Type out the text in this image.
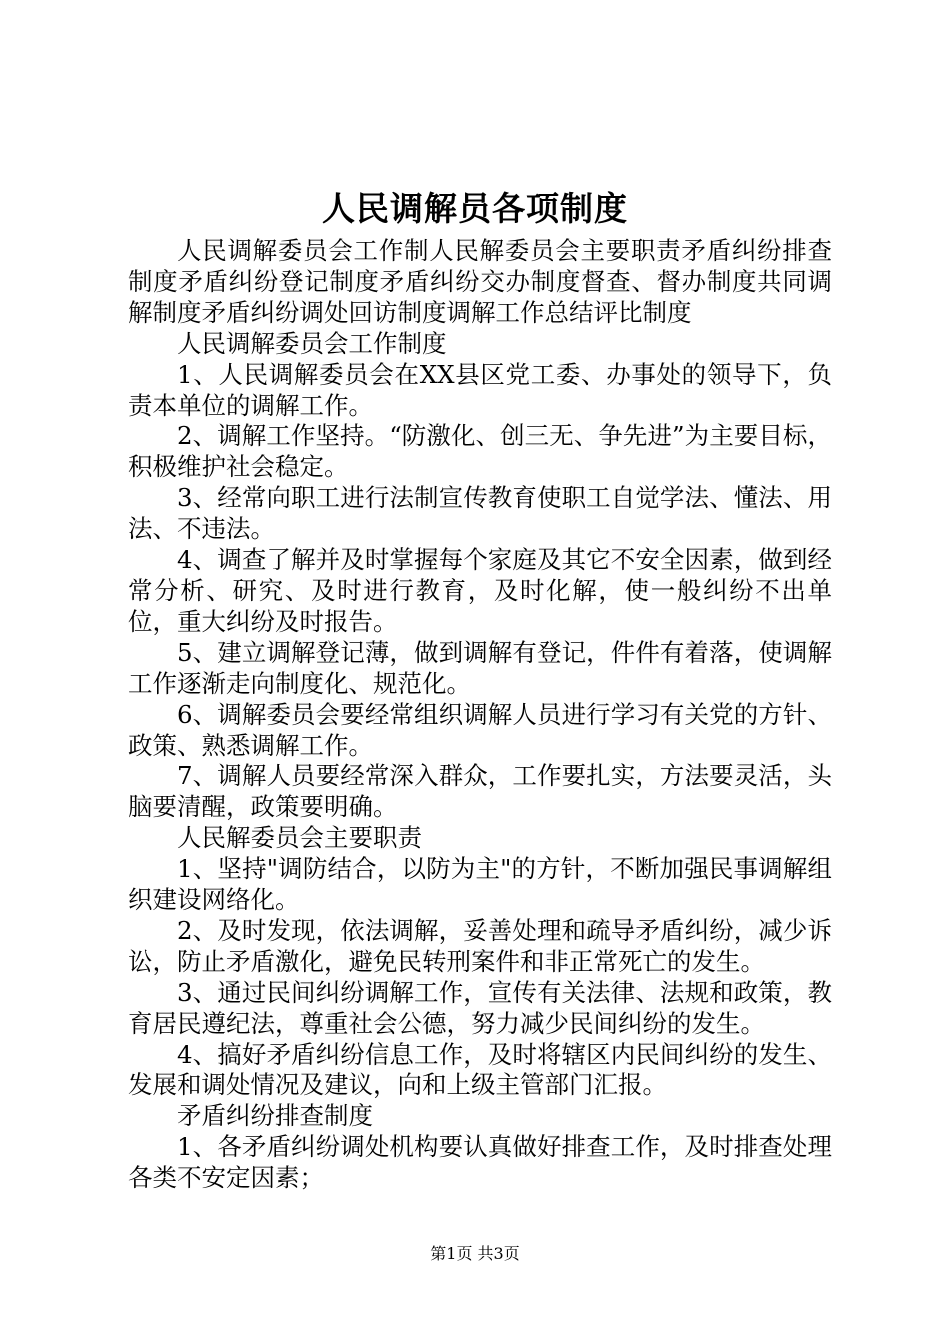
人民调解员各项制度

人民调解委员会工作制人民解委员会主要职责矛盾纠纷排查制度矛盾纠纷登记制度矛盾纠纷交办制度督查、督办制度共同调解制度矛盾纠纷调处回访制度调解工作总结评比制度

人民调解委员会工作制度

1、人民调解委员会在XX县区党工委、办事处的领导下，负责本单位的调解工作。

2、调解工作坚持。“防激化、创三无、争先进”为主要目标，积极维护社会稳定。

3、经常向职工进行法制宣传教育使职工自觉学法、懂法、用法、不违法。

4、调查了解并及时掌握每个家庭及其它不安全因素，做到经常分析、研究、及时进行教育，及时化解，使一般纠纷不出单位，重大纠纷及时报告。

5、建立调解登记薄，做到调解有登记，件件有着落，使调解工作逐渐走向制度化、规范化。

6、调解委员会要经常组织调解人员进行学习有关党的方针、政策、熟悉调解工作。

7、调解人员要经常深入群众，工作要扎实，方法要灵活，头脑要清醒，政策要明确。

人民解委员会主要职责

1、坚持"调防结合，以防为主"的方针，不断加强民事调解组织建设网络化。

2、及时发现，依法调解，妥善处理和疏导矛盾纠纷，减少诉讼，防止矛盾激化，避免民转刑案件和非正常死亡的发生。

3、通过民间纠纷调解工作，宣传有关法律、法规和政策，教育居民遵纪法，尊重社会公德，努力减少民间纠纷的发生。

4、搞好矛盾纠纷信息工作，及时将辖区内民间纠纷的发生、发展和调处情况及建议，向和上级主管部门汇报。

矛盾纠纷排查制度

1、各矛盾纠纷调处机构要认真做好排查工作，及时排查处理各类不安定因素；

第1页 共3页
